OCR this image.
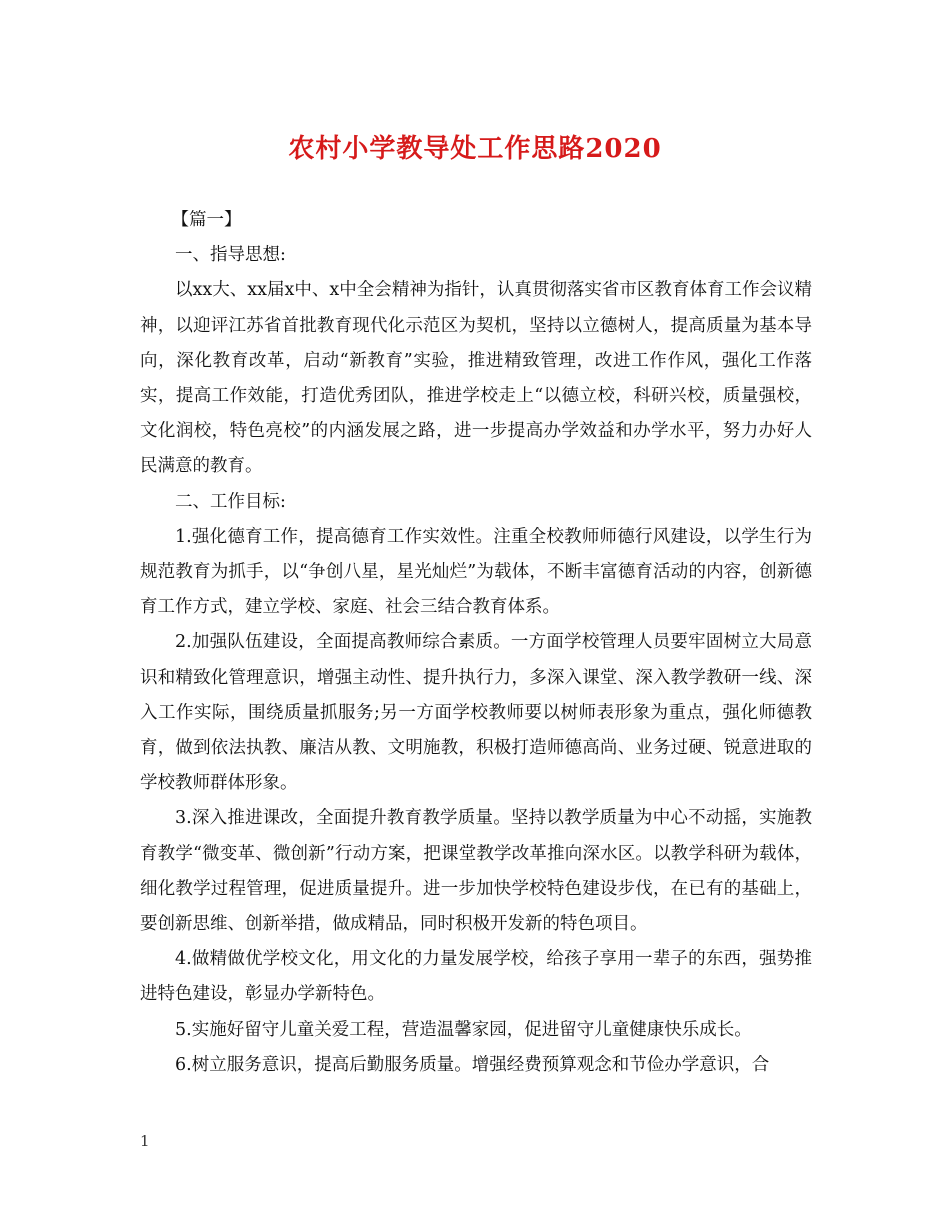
农村小学教导处工作思路2020

【篇一】

一、指导思想:

以xx大、xx届x中、x中全会精神为指针，认真贯彻落实省市区教育体育工作会议精神，以迎评江苏省首批教育现代化示范区为契机，坚持以立德树人，提高质量为基本导向，深化教育改革，启动“新教育”实验，推进精致管理，改进工作作风，强化工作落实，提高工作效能，打造优秀团队，推进学校走上“以德立校，科研兴校，质量强校，文化润校，特色亮校”的内涵发展之路，进一步提高办学效益和办学水平，努力办好人民满意的教育。

二、工作目标:

1.强化德育工作，提高德育工作实效性。注重全校教师师德行风建设，以学生行为规范教育为抓手，以“争创八星，星光灿烂”为载体，不断丰富德育活动的内容，创新德育工作方式，建立学校、家庭、社会三结合教育体系。

2.加强队伍建设，全面提高教师综合素质。一方面学校管理人员要牢固树立大局意识和精致化管理意识，增强主动性、提升执行力，多深入课堂、深入教学教研一线、深入工作实际，围绕质量抓服务;另一方面学校教师要以树师表形象为重点，强化师德教育，做到依法执教、廉洁从教、文明施教，积极打造师德高尚、业务过硬、锐意进取的学校教师群体形象。

3.深入推进课改，全面提升教育教学质量。坚持以教学质量为中心不动摇，实施教育教学“微变革、微创新”行动方案，把课堂教学改革推向深水区。以教学科研为载体，细化教学过程管理，促进质量提升。进一步加快学校特色建设步伐，在已有的基础上，要创新思维、创新举措，做成精品，同时积极开发新的特色项目。

4.做精做优学校文化，用文化的力量发展学校，给孩子享用一辈子的东西，强势推进特色建设，彰显办学新特色。

5.实施好留守儿童关爱工程，营造温馨家园，促进留守儿童健康快乐成长。

6.树立服务意识，提高后勤服务质量。增强经费预算观念和节俭办学意识，合

1
